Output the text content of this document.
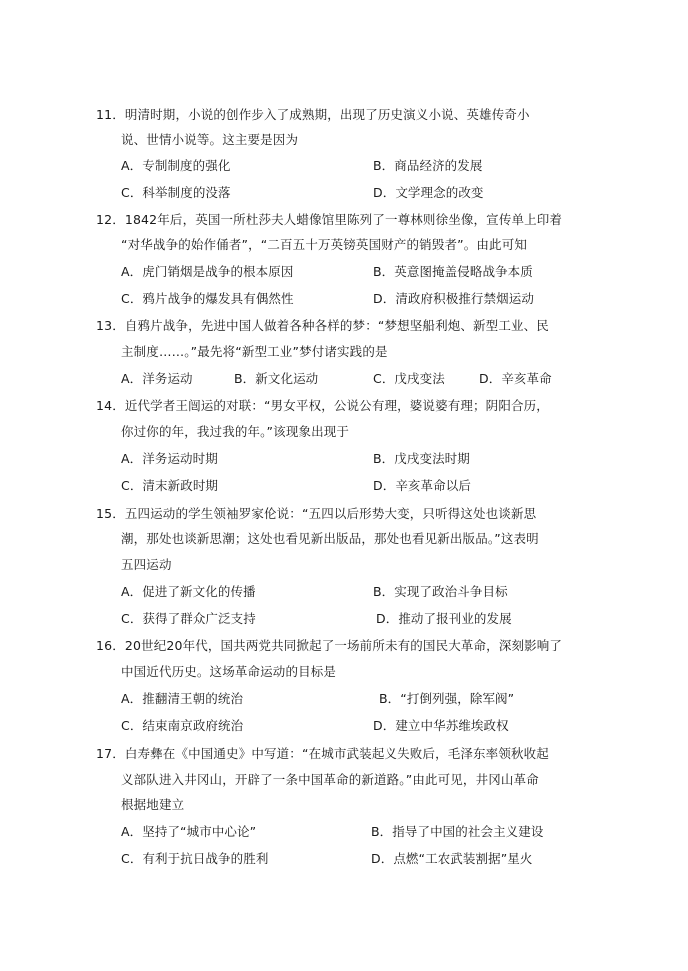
11．明清时期，小说的创作步入了成熟期，出现了历史演义小说、英雄传奇小
说、世情小说等。这主要是因为
A．专制制度的强化	B．商品经济的发展
C．科举制度的没落	D．文学理念的改变
12．1842年后，英国一所杜莎夫人蜡像馆里陈列了一尊林则徐坐像，宣传单上印着
“对华战争的始作俑者”，“二百五十万英镑英国财产的销毁者”。由此可知
A．虎门销烟是战争的根本原因	B．英意图掩盖侵略战争本质
C．鸦片战争的爆发具有偶然性	D．清政府积极推行禁烟运动
13．自鸦片战争，先进中国人做着各种各样的梦：“梦想坚船利炮、新型工业、民
主制度……。”最先将“新型工业”梦付诸实践的是
A．洋务运动	B．新文化运动	C．戊戌变法	D．辛亥革命
14．近代学者王闿运的对联：“男女平权，公说公有理，婆说婆有理；阴阳合历，
你过你的年，我过我的年。”该现象出现于
A．洋务运动时期	B．戊戌变法时期
C．清末新政时期	D．辛亥革命以后
15．五四运动的学生领袖罗家伦说：“五四以后形势大变，只听得这处也谈新思
潮，那处也谈新思潮；这处也看见新出版品，那处也看见新出版品。”这表明
五四运动
A．促进了新文化的传播	B．实现了政治斗争目标
C．获得了群众广泛支持	D．推动了报刊业的发展
16．20世纪20年代，国共两党共同掀起了一场前所未有的国民大革命，深刻影响了
中国近代历史。这场革命运动的目标是
A．推翻清王朝的统治	B．“打倒列强，除军阀”
C．结束南京政府统治	D．建立中华苏维埃政权
17．白寿彝在《中国通史》中写道：“在城市武装起义失败后，毛泽东率领秋收起
义部队进入井冈山，开辟了一条中国革命的新道路。”由此可见，井冈山革命
根据地建立
A．坚持了“城市中心论”	B．指导了中国的社会主义建设
C．有利于抗日战争的胜利	D．点燃“工农武装割据”星火
